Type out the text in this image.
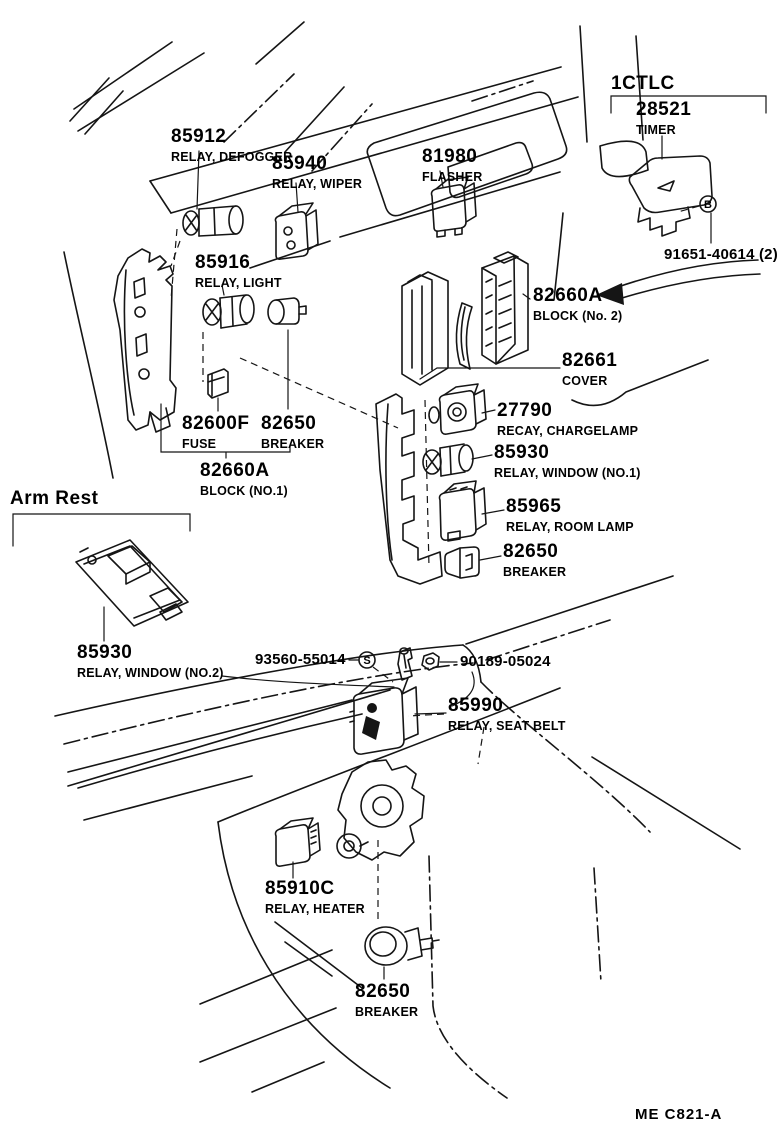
B
S
85912
RELAY, DEFOGGER
85940
RELAY, WIPER
81980
FLASHER
1CTLC
28521
TIMER
91651-40614 (2)
85916
RELAY, LIGHT
82660A
BLOCK (No. 2)
82661
COVER
82600F
FUSE
82650
BREAKER
82660A
BLOCK (NO.1)
27790
RECAY, CHARGELAMP
85930
RELAY, WINDOW (NO.1)
85965
RELAY, ROOM LAMP
82650
BREAKER
Arm Rest
85930
RELAY, WINDOW (NO.2)
93560-55014	90189-05024
85990
RELAY, SEAT BELT
85910C
RELAY, HEATER
82650
BREAKER
ME C821-A
